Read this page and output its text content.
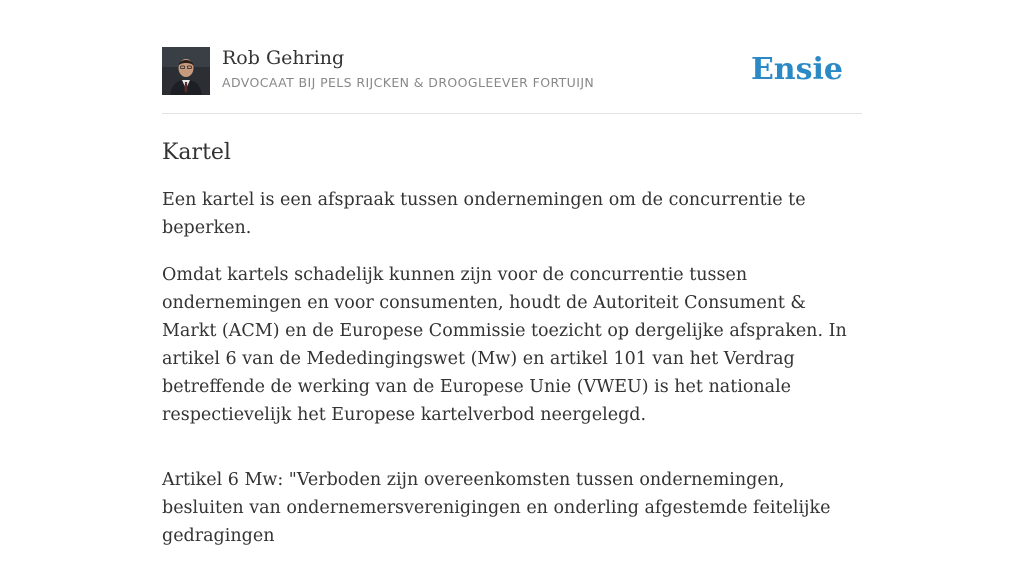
Rob Gehring
ADVOCAAT BIJ PELS RIJCKEN & DROOGLEEVER FORTUIJN	Ensie
Kartel

Een kartel is een afspraak tussen ondernemingen om de concurrentie te beperken.

Omdat kartels schadelijk kunnen zijn voor de concurrentie tussen ondernemingen en voor consumenten, houdt de Autoriteit Consument & Markt (ACM) en de Europese Commissie toezicht op dergelijke afspraken. In artikel 6 van de Mededingingswet (Mw) en artikel 101 van het Verdrag betreffende de werking van de Europese Unie (VWEU) is het nationale respectievelijk het Europese kartelverbod neergelegd.

Artikel 6 Mw: "Verboden zijn overeenkomsten tussen ondernemingen, besluiten van ondernemersverenigingen en onderling afgestemde feitelijke gedragingen
